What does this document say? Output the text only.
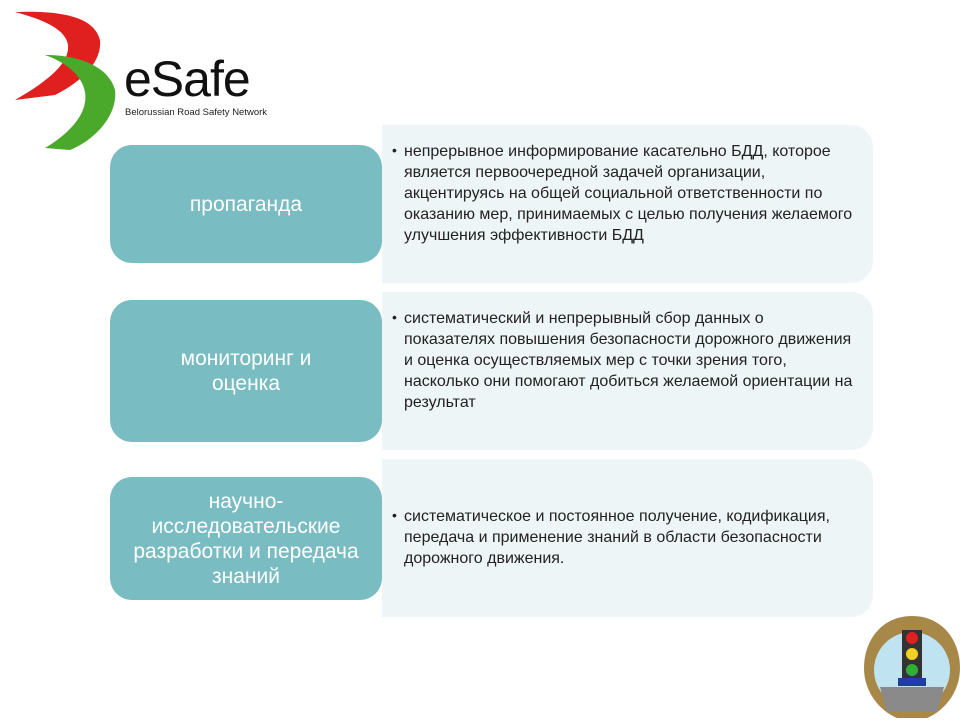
eSafe
Belorussian Road Safety Network
• непрерывное информирование касательно БДД, которое является первоочередной задачей организации, акцентируясь на общей социальной ответственности по оказанию мер, принимаемых с целью получения желаемого улучшения эффективности БДД
• систематический и непрерывный сбор данных о показателях повышения безопасности дорожного движения и оценка осуществляемых мер с точки зрения того, насколько они помогают добиться желаемой ориентации на результат
• систематическое и постоянное получение, кодификация, передача и применение знаний в области безопасности дорожного движения.
пропаганда
мониторинг и оценка
научно-исследовательские разработки и передача знаний
